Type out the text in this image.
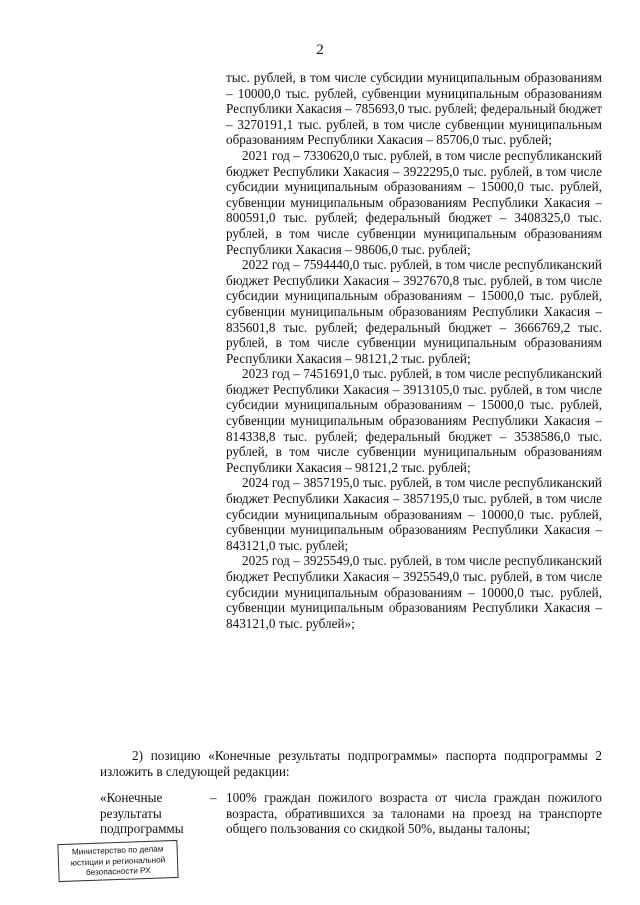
2

тыс. рублей, в том числе субсидии муниципальным образованиям – 10000,0 тыс. рублей, субвенции муниципальным образованиям Республики Хакасия – 785693,0 тыс. рублей; федеральный бюджет – 3270191,1 тыс. рублей, в том числе субвенции муниципальным образованиям Республики Хакасия – 85706,0 тыс. рублей;

2021 год – 7330620,0 тыс. рублей, в том числе республиканский бюджет Республики Хакасия – 3922295,0 тыс. рублей, в том числе субсидии муниципальным образованиям – 15000,0 тыс. рублей, субвенции муниципальным образованиям Республики Хакасия – 800591,0 тыс. рублей; федеральный бюджет – 3408325,0 тыс. рублей, в том числе субвенции муниципальным образованиям Республики Хакасия – 98606,0 тыс. рублей;

2022 год – 7594440,0 тыс. рублей, в том числе республиканский бюджет Республики Хакасия – 3927670,8 тыс. рублей, в том числе субсидии муниципальным образованиям – 15000,0 тыс. рублей, субвенции муниципальным образованиям Республики Хакасия – 835601,8 тыс. рублей; федеральный бюджет – 3666769,2 тыс. рублей, в том числе субвенции муниципальным образованиям Республики Хакасия – 98121,2 тыс. рублей;

2023 год – 7451691,0 тыс. рублей, в том числе республиканский бюджет Республики Хакасия – 3913105,0 тыс. рублей, в том числе субсидии муниципальным образованиям – 15000,0 тыс. рублей, субвенции муниципальным образованиям Республики Хакасия – 814338,8 тыс. рублей; федеральный бюджет – 3538586,0 тыс. рублей, в том числе субвенции муниципальным образованиям Республики Хакасия – 98121,2 тыс. рублей;

2024 год – 3857195,0 тыс. рублей, в том числе республиканский бюджет Республики Хакасия – 3857195,0 тыс. рублей, в том числе субсидии муниципальным образованиям – 10000,0 тыс. рублей, субвенции муниципальным образованиям Республики Хакасия – 843121,0 тыс. рублей;

2025 год – 3925549,0 тыс. рублей, в том числе республиканский бюджет Республики Хакасия – 3925549,0 тыс. рублей, в том числе субсидии муниципальным образованиям – 10000,0 тыс. рублей, субвенции муниципальным образованиям Республики Хакасия – 843121,0 тыс. рублей»;

2) позицию «Конечные результаты подпрограммы» паспорта подпрограммы 2 изложить в следующей редакции:

«Конечные результаты подпрограммы
– 100% граждан пожилого возраста от числа граждан пожилого возраста, обратившихся за талонами на проезд на транспорте общего пользования со скидкой 50%, выданы талоны;
Министерство по делам
юстиции и региональной
безопасности РХ
